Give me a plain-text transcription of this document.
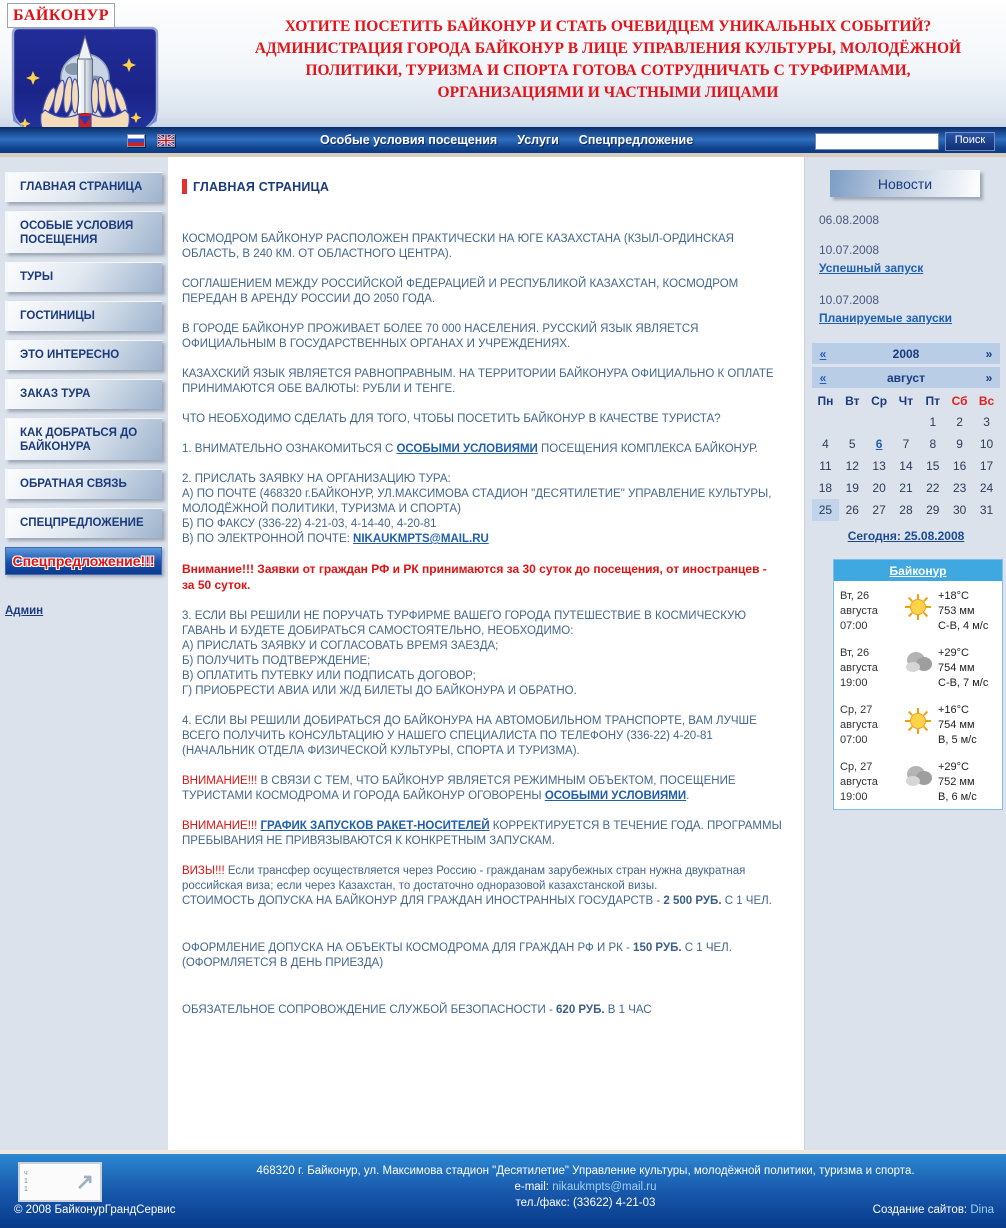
ХОТИТЕ ПОСЕТИТЬ БАЙКОНУР И СТАТЬ ОЧЕВИДЦЕМ УНИКАЛЬНЫХ СОБЫТИЙ?
АДМИНИСТРАЦИЯ ГОРОДА БАЙКОНУР В ЛИЦЕ УПРАВЛЕНИЯ КУЛЬТУРЫ, МОЛОДЁЖНОЙ
ПОЛИТИКИ, ТУРИЗМА И СПОРТА ГОТОВА СОТРУДНИЧАТЬ С ТУРФИРМАМИ,
ОРГАНИЗАЦИЯМИ И ЧАСТНЫМИ ЛИЦАМИ
БАЙКОНУР
Особые условия посещения Услуги Спецпредложение	Поиск
ГЛАВНАЯ СТРАНИЦА
ОСОБЫЕ УСЛОВИЯ ПОСЕЩЕНИЯ
ТУРЫ
ГОСТИНИЦЫ
ЭТО ИНТЕРЕСНО
ЗАКАЗ ТУРА
КАК ДОБРАТЬСЯ ДО БАЙКОНУРА
ОБРАТНАЯ СВЯЗЬ
СПЕЦПРЕДЛОЖЕНИЕ
Спецпредложение!!!
Админ
ГЛАВНАЯ СТРАНИЦА
КОСМОДРОМ БАЙКОНУР РАСПОЛОЖЕН ПРАКТИЧЕСКИ НА ЮГЕ КАЗАХСТАНА (КЗЫЛ-ОРДИНСКАЯ ОБЛАСТЬ, В 240 КМ. ОТ ОБЛАСТНОГО ЦЕНТРА).
СОГЛАШЕНИЕМ МЕЖДУ РОССИЙСКОЙ ФЕДЕРАЦИЕЙ И РЕСПУБЛИКОЙ КАЗАХСТАН, КОСМОДРОМ ПЕРЕДАН В АРЕНДУ РОССИИ ДО 2050 ГОДА.
В ГОРОДЕ БАЙКОНУР ПРОЖИВАЕТ БОЛЕЕ 70 000 НАСЕЛЕНИЯ. РУССКИЙ ЯЗЫК ЯВЛЯЕТСЯ ОФИЦИАЛЬНЫМ В ГОСУДАРСТВЕННЫХ ОРГАНАХ И УЧРЕЖДЕНИЯХ.
КАЗАХСКИЙ ЯЗЫК ЯВЛЯЕТСЯ РАВНОПРАВНЫМ. НА ТЕРРИТОРИИ БАЙКОНУРА ОФИЦИАЛЬНО К ОПЛАТЕ ПРИНИМАЮТСЯ ОБЕ ВАЛЮТЫ: РУБЛИ И ТЕНГЕ.
ЧТО НЕОБХОДИМО СДЕЛАТЬ ДЛЯ ТОГО, ЧТОБЫ ПОСЕТИТЬ БАЙКОНУР В КАЧЕСТВЕ ТУРИСТА?
1. ВНИМАТЕЛЬНО ОЗНАКОМИТЬСЯ С ОСОБЫМИ УСЛОВИЯМИ ПОСЕЩЕНИЯ КОМПЛЕКСА БАЙКОНУР.
2. ПРИСЛАТЬ ЗАЯВКУ НА ОРГАНИЗАЦИЮ ТУРА:
А) ПО ПОЧТЕ (468320 г.БАЙКОНУР, УЛ.МАКСИМОВА СТАДИОН "ДЕСЯТИЛЕТИЕ" УПРАВЛЕНИЕ КУЛЬТУРЫ, МОЛОДЁЖНОЙ ПОЛИТИКИ, ТУРИЗМА И СПОРТА)
Б) ПО ФАКСУ (336-22) 4-21-03, 4-14-40, 4-20-81
В) ПО ЭЛЕКТРОННОЙ ПОЧТЕ: NIKAUKMPTS@MAIL.RU
Внимание!!! Заявки от граждан РФ и РК принимаются за 30 суток до посещения, от иностранцев - за 50 суток.
3. ЕСЛИ ВЫ РЕШИЛИ НЕ ПОРУЧАТЬ ТУРФИРМЕ ВАШЕГО ГОРОДА ПУТЕШЕСТВИЕ В КОСМИЧЕСКУЮ ГАВАНЬ И БУДЕТЕ ДОБИРАТЬСЯ САМОСТОЯТЕЛЬНО, НЕОБХОДИМО:
А) ПРИСЛАТЬ ЗАЯВКУ И СОГЛАСОВАТЬ ВРЕМЯ ЗАЕЗДА;
Б) ПОЛУЧИТЬ ПОДТВЕРЖДЕНИЕ;
В) ОПЛАТИТЬ ПУТЕВКУ ИЛИ ПОДПИСАТЬ ДОГОВОР;
Г) ПРИОБРЕСТИ АВИА ИЛИ Ж/Д БИЛЕТЫ ДО БАЙКОНУРА И ОБРАТНО.
4. ЕСЛИ ВЫ РЕШИЛИ ДОБИРАТЬСЯ ДО БАЙКОНУРА НА АВТОМОБИЛЬНОМ ТРАНСПОРТЕ, ВАМ ЛУЧШЕ ВСЕГО ПОЛУЧИТЬ КОНСУЛЬТАЦИЮ У НАШЕГО СПЕЦИАЛИСТА ПО ТЕЛЕФОНУ (336-22) 4-20-81 (НАЧАЛЬНИК ОТДЕЛА ФИЗИЧЕСКОЙ КУЛЬТУРЫ, СПОРТА И ТУРИЗМА).
ВНИМАНИЕ!!! В СВЯЗИ С ТЕМ, ЧТО БАЙКОНУР ЯВЛЯЕТСЯ РЕЖИМНЫМ ОБЪЕКТОМ, ПОСЕЩЕНИЕ ТУРИСТАМИ КОСМОДРОМА И ГОРОДА БАЙКОНУР ОГОВОРЕНЫ ОСОБЫМИ УСЛОВИЯМИ.
ВНИМАНИЕ!!! ГРАФИК ЗАПУСКОВ РАКЕТ-НОСИТЕЛЕЙ КОРРЕКТИРУЕТСЯ В ТЕЧЕНИЕ ГОДА. ПРОГРАММЫ ПРЕБЫВАНИЯ НЕ ПРИВЯЗЫВАЮТСЯ К КОНКРЕТНЫМ ЗАПУСКАМ.
ВИЗЫ!!! Если трансфер осуществляется через Россию - гражданам зарубежных стран нужна двукратная российская виза; если через Казахстан, то достаточно одноразовой казахстанской визы.
СТОИМОСТЬ ДОПУСКА НА БАЙКОНУР ДЛЯ ГРАЖДАН ИНОСТРАННЫХ ГОСУДАРСТВ - 2 500 РУБ. С 1 ЧЕЛ.
ОФОРМЛЕНИЕ ДОПУСКА НА ОБЪЕКТЫ КОСМОДРОМА ДЛЯ ГРАЖДАН РФ И РК - 150 РУБ. С 1 ЧЕЛ.
(ОФОРМЛЯЕТСЯ В ДЕНЬ ПРИЕЗДА)
ОБЯЗАТЕЛЬНОЕ СОПРОВОЖДЕНИЕ СЛУЖБОЙ БЕЗОПАСНОСТИ - 620 РУБ. В 1 ЧАС
Новости
06.08.2008
10.07.2008
Успешный запуск
10.07.2008
Планируемые запуски
«	2008	»
«	август	»
Пн	Вт	Ср	Чт	Пт	Сб	Вс
				1	2	3
4	5	6	7	8	9	10
11	12	13	14	15	16	17
18	19	20	21	22	23	24
25	26	27	28	29	30	31
Сегодня: 25.08.2008
Байконур
Вт, 26
августа
07:00
+18°C
753 мм
С-В, 4 м/с
Вт, 26
августа
19:00
+29°C
754 мм
С-В, 7 м/с
Ср, 27
августа
07:00
+16°C
754 мм
В, 5 м/с
Ср, 27
августа
19:00
+29°C
752 мм
В, 6 м/с
ч
1
1	↗	468320 г. Байконур, ул. Максимова стадион "Десятилетие" Управление культуры, молодёжной политики, туризма и спорта.
e-mail: nikaukmpts@mail.ru
тел./факс: (33622) 4-21-03
© 2008 БайконурГрандСервис	Создание сайтов: Dina
